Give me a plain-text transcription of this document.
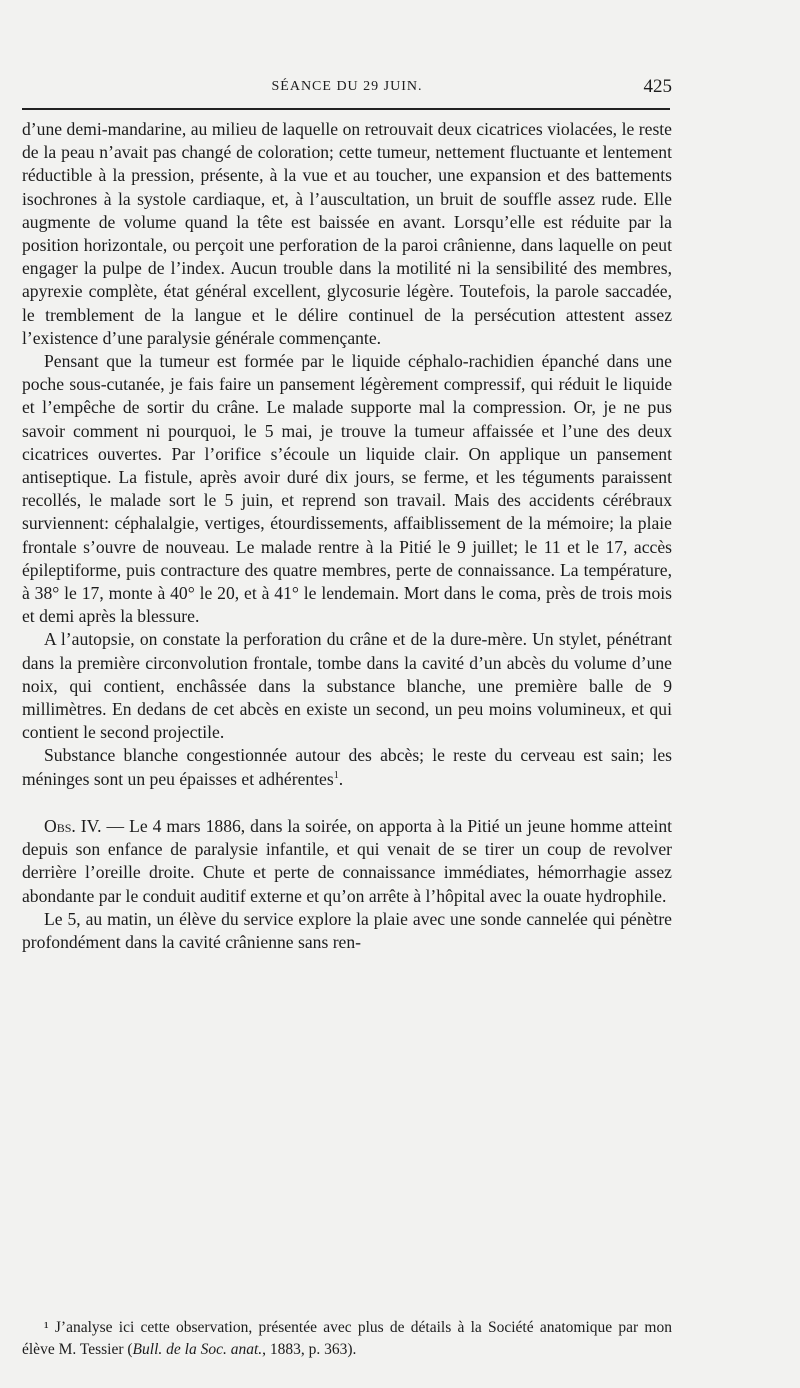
SÉANCE DU 29 JUIN.	425

d’une demi-mandarine, au milieu de laquelle on retrouvait deux cicatrices violacées, le reste de la peau n’avait pas changé de coloration; cette tumeur, nettement fluctuante et lentement réductible à la pression, présente, à la vue et au toucher, une expansion et des battements isochrones à la systole cardiaque, et, à l’auscultation, un bruit de souffle assez rude. Elle augmente de volume quand la tête est baissée en avant. Lorsqu’elle est réduite par la position horizontale, ou perçoit une perforation de la paroi crânienne, dans laquelle on peut engager la pulpe de l’index. Aucun trouble dans la motilité ni la sensibilité des membres, apyrexie complète, état général excellent, glycosurie légère. Toutefois, la parole saccadée, le tremblement de la langue et le délire continuel de la persécution attestent assez l’existence d’une paralysie générale commençante.

Pensant que la tumeur est formée par le liquide céphalo-rachidien épanché dans une poche sous-cutanée, je fais faire un pansement légèrement compressif, qui réduit le liquide et l’empêche de sortir du crâne. Le malade supporte mal la compression. Or, je ne pus savoir comment ni pourquoi, le 5 mai, je trouve la tumeur affaissée et l’une des deux cicatrices ouvertes. Par l’orifice s’écoule un liquide clair. On applique un pansement antiseptique. La fistule, après avoir duré dix jours, se ferme, et les téguments paraissent recollés, le malade sort le 5 juin, et reprend son travail. Mais des accidents cérébraux surviennent: céphalalgie, vertiges, étourdissements, affaiblissement de la mémoire; la plaie frontale s’ouvre de nouveau. Le malade rentre à la Pitié le 9 juillet; le 11 et le 17, accès épileptiforme, puis contracture des quatre membres, perte de connaissance. La température, à 38° le 17, monte à 40° le 20, et à 41° le lendemain. Mort dans le coma, près de trois mois et demi après la blessure.

A l’autopsie, on constate la perforation du crâne et de la dure-mère. Un stylet, pénétrant dans la première circonvolution frontale, tombe dans la cavité d’un abcès du volume d’une noix, qui contient, enchâssée dans la substance blanche, une première balle de 9 millimètres. En dedans de cet abcès en existe un second, un peu moins volumineux, et qui contient le second projectile.

Substance blanche congestionnée autour des abcès; le reste du cerveau est sain; les méninges sont un peu épaisses et adhérentes$^1$.

Obs. IV. — Le 4 mars 1886, dans la soirée, on apporta à la Pitié un jeune homme atteint depuis son enfance de paralysie infantile, et qui venait de se tirer un coup de revolver derrière l’oreille droite. Chute et perte de connaissance immédiates, hémorrhagie assez abondante par le conduit auditif externe et qu’on arrête à l’hôpital avec la ouate hydrophile.

Le 5, au matin, un élève du service explore la plaie avec une sonde cannelée qui pénètre profondément dans la cavité crânienne sans ren-

¹ J’analyse ici cette observation, présentée avec plus de détails à la Société anatomique par mon élève M. Tessier (Bull. de la Soc. anat., 1883, p. 363).
